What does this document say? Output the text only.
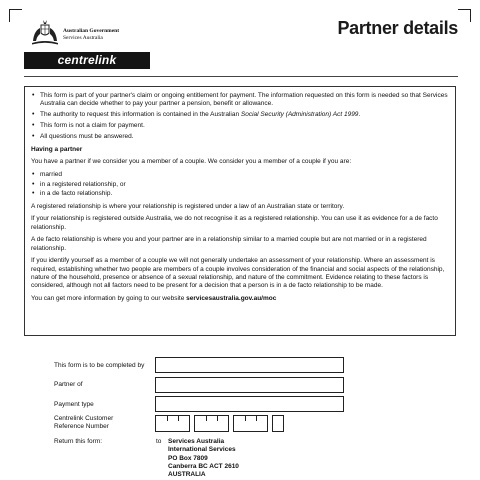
Australian Government
Services Australia
centrelink
Partner details
• This form is part of your partner's claim or ongoing entitlement for payment. The information requested on this form is needed so that Services Australia can decide whether to pay your partner a pension, benefit or allowance.
• The authority to request this information is contained in the Australian Social Security (Administration) Act 1999.
• This form is not a claim for payment.
• All questions must be answered.

Having a partner

You have a partner if we consider you a member of a couple. We consider you a member of a couple if you are:

• married
• in a registered relationship, or
• in a de facto relationship.

A registered relationship is where your relationship is registered under a law of an Australian state or territory.

If your relationship is registered outside Australia, we do not recognise it as a registered relationship. You can use it as evidence for a de facto relationship.

A de facto relationship is where you and your partner are in a relationship similar to a married couple but are not married or in a registered relationship.

If you identify yourself as a member of a couple we will not generally undertake an assessment of your relationship. Where an assessment is required, establishing whether two people are members of a couple involves consideration of the financial and social aspects of the relationship, nature of the household, presence or absence of a sexual relationship, and nature of the commitment. Evidence relating to these factors is considered, although not all factors need to be present for a decision that a person is in a de facto relationship to be made.

You can get more information by going to our website servicesaustralia.gov.au/moc

This form is to be completed by
Partner of
Payment type
Centrelink Customer
Reference Number
Return this form:	to Services Australia
International Services
PO Box 7809
Canberra BC ACT 2610
AUSTRALIA
